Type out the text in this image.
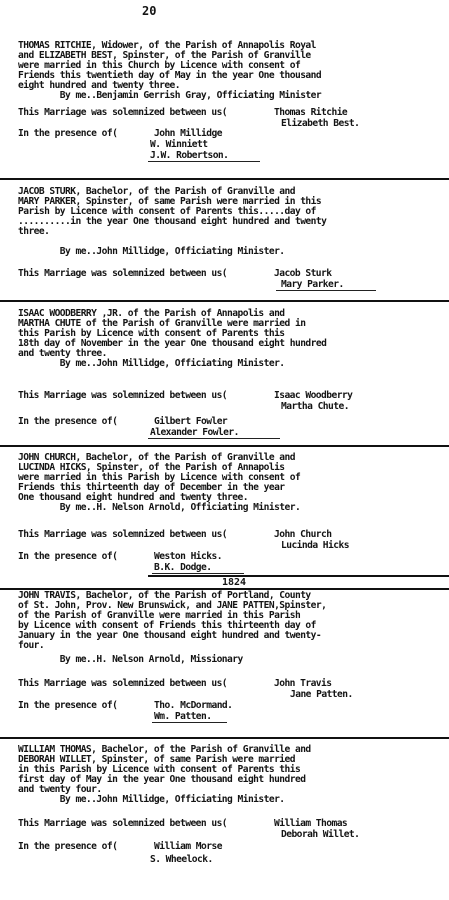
20
THOMAS RITCHIE, Widower, of the Parish of Annapolis Royal
and ELIZABETH BEST, Spinster, of the Parish of Granville
were married in this Church by Licence with consent of
Friends this twentieth day of May in the year One thousand
eight hundred and twenty three.
By me..Benjamin Gerrish Gray, Officiating Minister
This Marriage was solemnized between us(	Thomas Ritchie
Elizabeth Best.
In the presence of(	John Millidge
W. Winniett
J.W. Robertson.
JACOB STURK, Bachelor, of the Parish of Granville and
MARY PARKER, Spinster, of same Parish were married in this
Parish by Licence with consent of Parents this.....day of
..........in the year One thousand eight hundred and twenty
three.
By me..John Millidge, Officiating Minister.
This Marriage was solemnized between us(	Jacob Sturk
Mary Parker.
ISAAC WOODBERRY ,JR. of the Parish of Annapolis and
MARTHA CHUTE of the Parish of Granville were married in
this Parish by Licence with consent of Parents this
18th day of November in the year One thousand eight hundred
and twenty three.
By me..John Millidge, Officiating Minister.
This Marriage was solemnized between us(	Isaac Woodberry
Martha Chute.
In the presence of(	Gilbert Fowler
Alexander Fowler.
JOHN CHURCH, Bachelor, of the Parish of Granville and
LUCINDA HICKS, Spinster, of the Parish of Annapolis
were married in this Parish by Licence with consent of
Friends this thirteenth day of December in the year
One thousand eight hundred and twenty three.
By me..H. Nelson Arnold, Officiating Minister.
This Marriage was solemnized between us(	John Church
Lucinda Hicks
In the presence of(	Weston Hicks.
B.K. Dodge.
1824
JOHN TRAVIS, Bachelor, of the Parish of Portland, County
of St. John, Prov. New Brunswick, and JANE PATTEN,Spinster,
of the Parish of Granville were married in this Parish
by Licence with consent of Friends this thirteenth day of
January in the year One thousand eight hundred and twenty-
four.
By me..H. Nelson Arnold, Missionary
This Marriage was solemnized between us(	John Travis
Jane Patten.
In the presence of(	Tho. McDormand.
Wm. Patten.
WILLIAM THOMAS, Bachelor, of the Parish of Granville and
DEBORAH WILLET, Spinster, of same Parish were married
in this Parish by Licence with consent of Parents this
first day of May in the year One thousand eight hundred
and twenty four.
By me..John Millidge, Officiating Minister.
This Marriage was solemnized between us(	William Thomas
Deborah Willet.
In the presence of(	William Morse
S. Wheelock.
